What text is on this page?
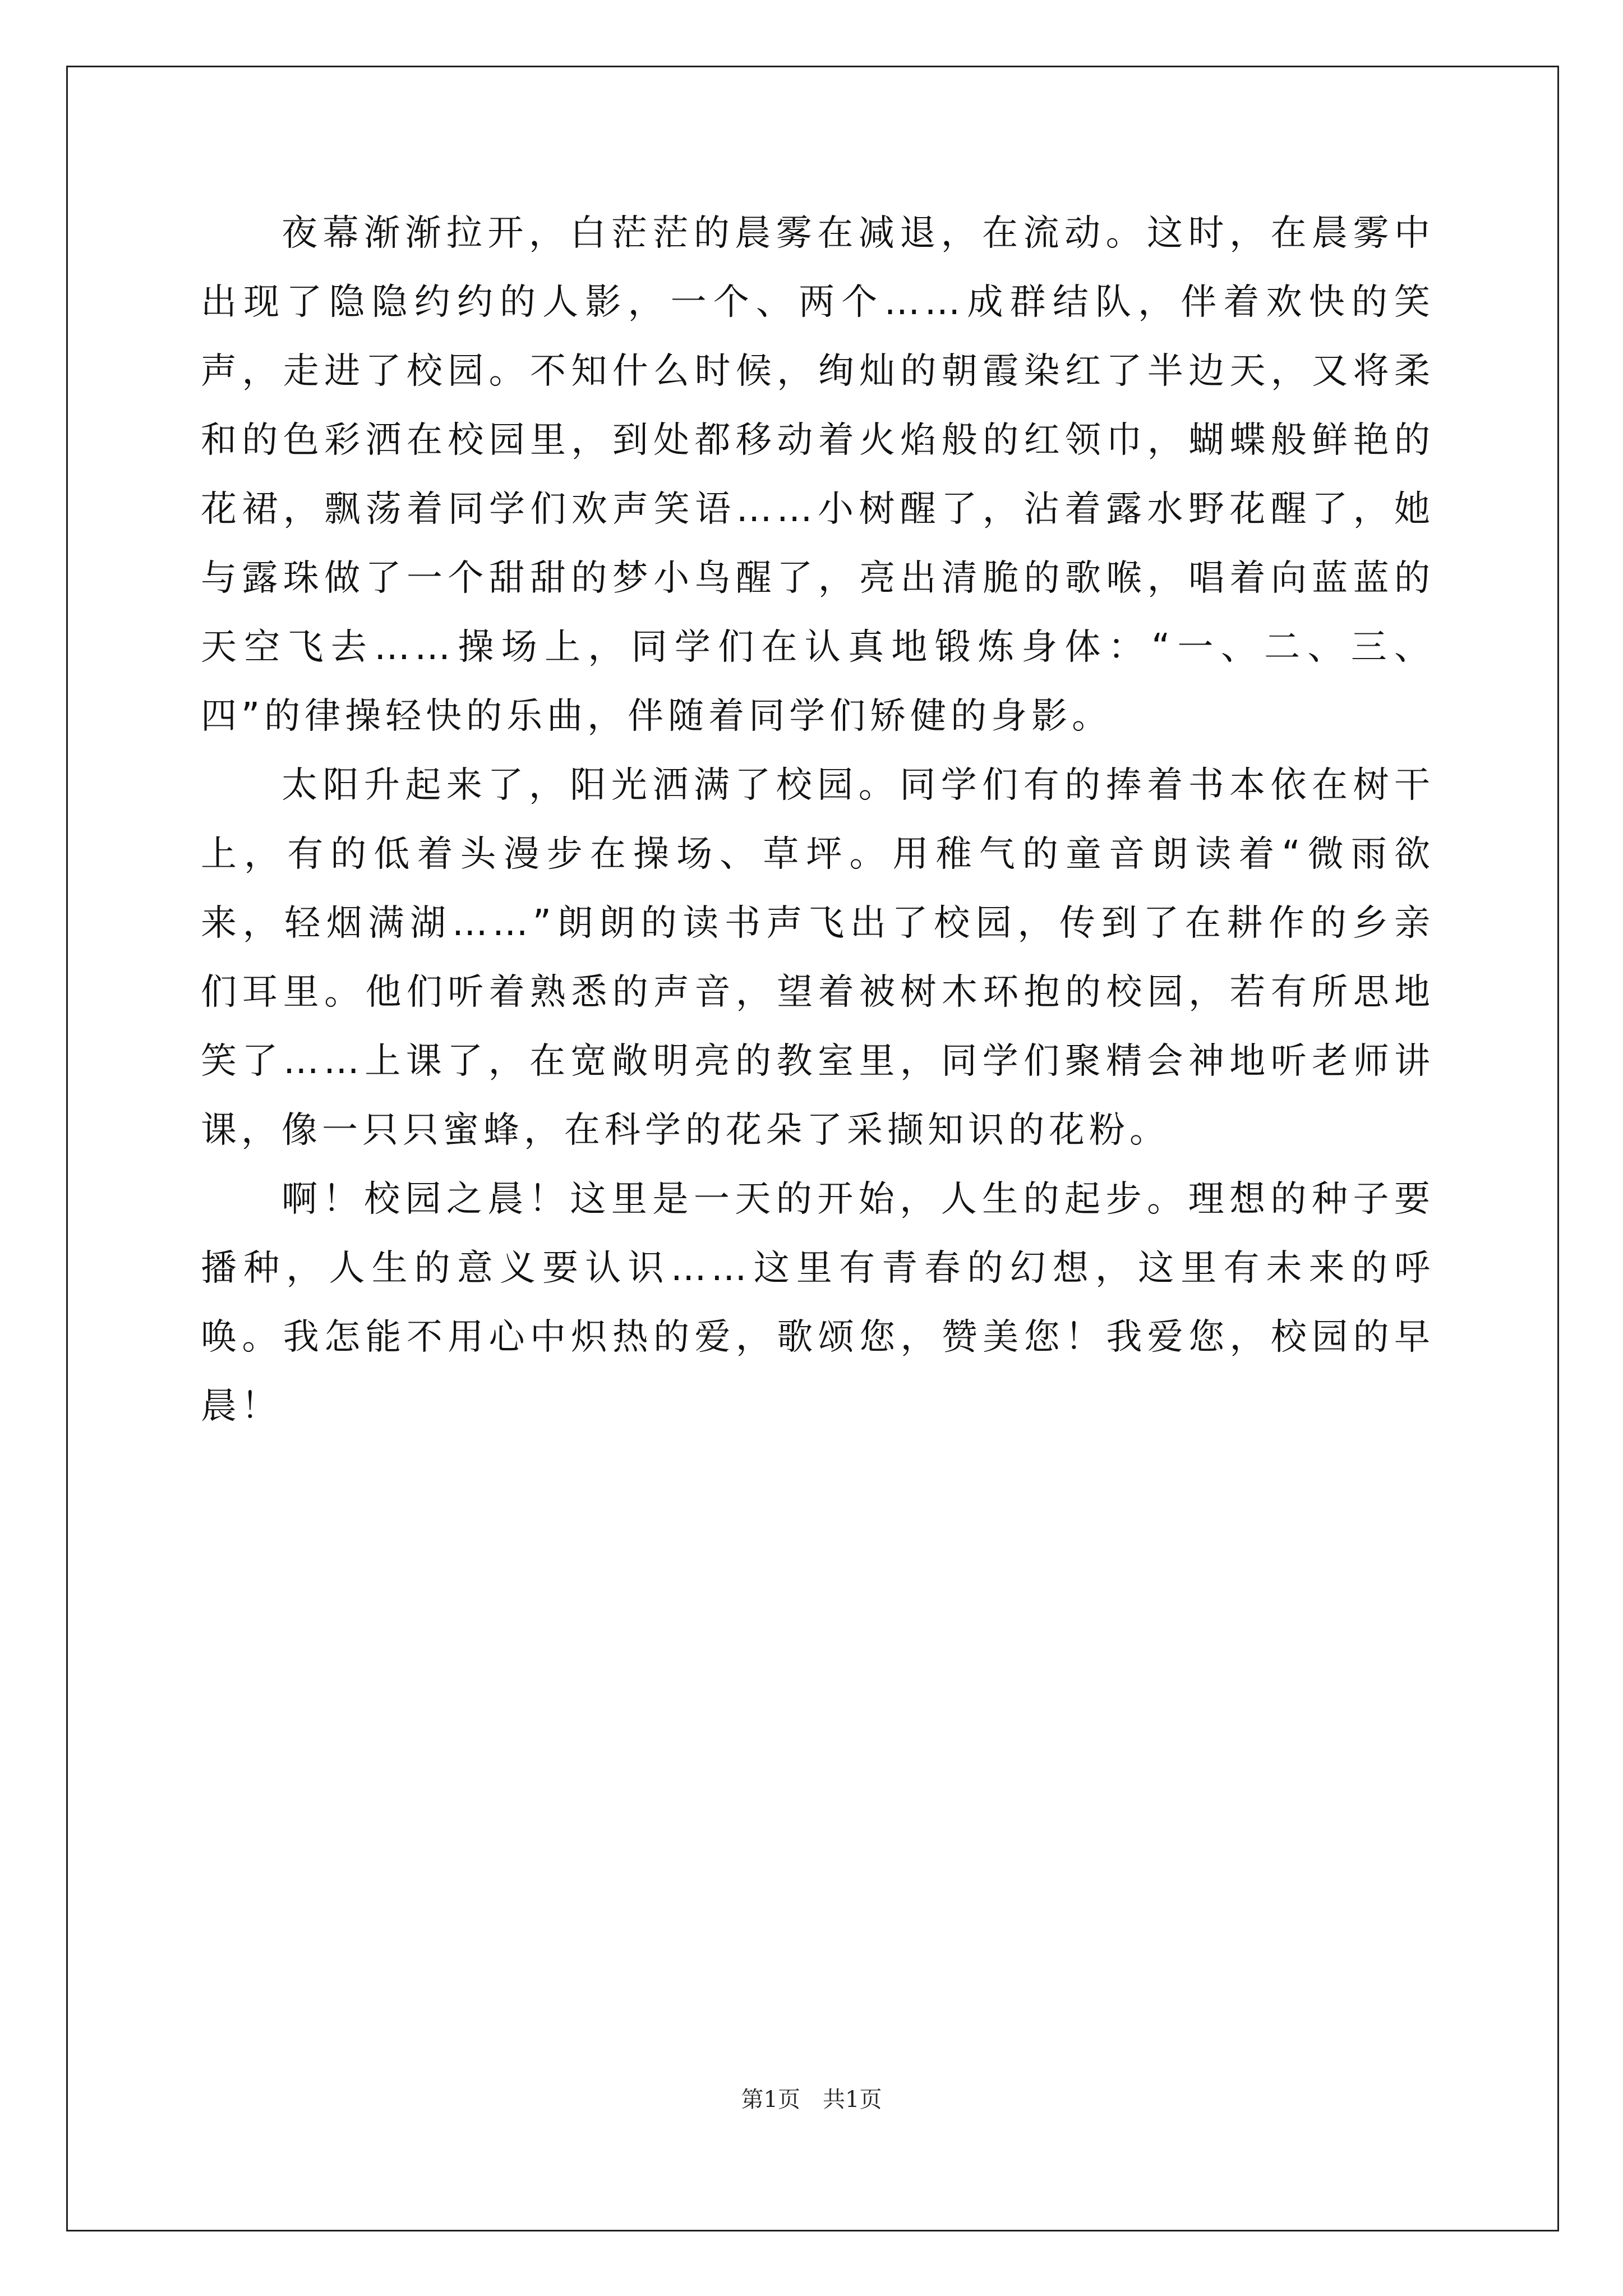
夜幕渐渐拉开，白茫茫的晨雾在减退，在流动。这时，在晨雾中出现了隐隐约约的人影，一个、两个……成群结队，伴着欢快的笑声，走进了校园。不知什么时候，绚灿的朝霞染红了半边天，又将柔和的色彩洒在校园里，到处都移动着火焰般的红领巾，蝴蝶般鲜艳的花裙，飘荡着同学们欢声笑语……小树醒了，沾着露水野花醒了，她与露珠做了一个甜甜的梦小鸟醒了，亮出清脆的歌喉，唱着向蓝蓝的天空飞去……操场上，同学们在认真地锻炼身体：“一、二、三、四”的律操轻快的乐曲，伴随着同学们矫健的身影。

太阳升起来了，阳光洒满了校园。同学们有的捧着书本依在树干上，有的低着头漫步在操场、草坪。用稚气的童音朗读着“微雨欲来，轻烟满湖……”朗朗的读书声飞出了校园，传到了在耕作的乡亲们耳里。他们听着熟悉的声音，望着被树木环抱的校园，若有所思地笑了……上课了，在宽敞明亮的教室里，同学们聚精会神地听老师讲课，像一只只蜜蜂，在科学的花朵了采撷知识的花粉。

啊！校园之晨！这里是一天的开始，人生的起步。理想的种子要播种，人生的意义要认识……这里有青春的幻想，这里有未来的呼唤。我怎能不用心中炽热的爱，歌颂您，赞美您！我爱您，校园的早晨！

第1页　共1页
